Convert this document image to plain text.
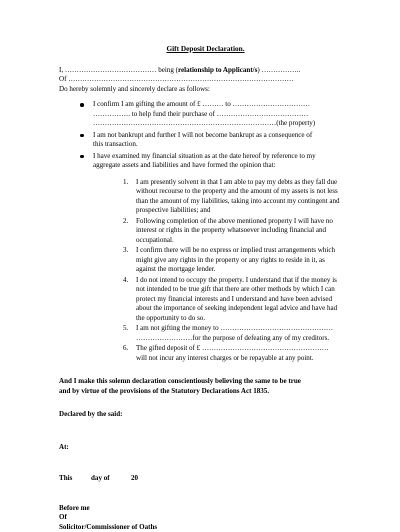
Gift Deposit Declaration.

I, ………………………………… being (relationship to Applicant/s) ……………..

Of ……………………………………………………………………………………

Do hereby solemnly and sincerely declare as follows:

I confirm I am gifting the amount of £ ……… to ……………………………
……………. to help fund their purchase of …………………………………
……………………………………………………………………(the property)
I am not bankrupt and further I will not become bankrupt as a consequence of
this transaction.
I have examined my financial situation as at the date hereof by reference to my
aggregate assets and liabilities and have formed the opinion that:
1. I am presently solvent in that I am able to pay my debts as they fall due
without recourse to the property and the amount of my assets is not less
than the amount of my liabilities, taking into account my contingent and
prospective liabilities; and
2. Following completion of the above mentioned property I will have no
interest or rights in the property whatsoever including financial and
occupational.
3. I confirm there will be no express or implied trust arrangements which
might give any rights in the property or any rights to reside in it, as
against the mortgage lender.
4. I do not intend to occupy the property. I understand that if the money is
not intended to be true gift that there are other methods by which I can
protect my financial interests and I understand and have been advised
about the importance of seeking independent legal advice and have had
the opportunity to do so.
5. I am not gifting the money to …………………………………………
……………………for the purpose of defeating any of my creditors.
6. The gifted deposit of £ ………………………………………………
will not incur any interest charges or be repayable at any point.
And I make this solemn declaration conscientiously believing the same to be true
and by virtue of the provisions of the Statutory Declarations Act 1835.
Declared by the said:
At:
This	day of	20
Before me
Of
Solicitor/Commissioner of Oaths
